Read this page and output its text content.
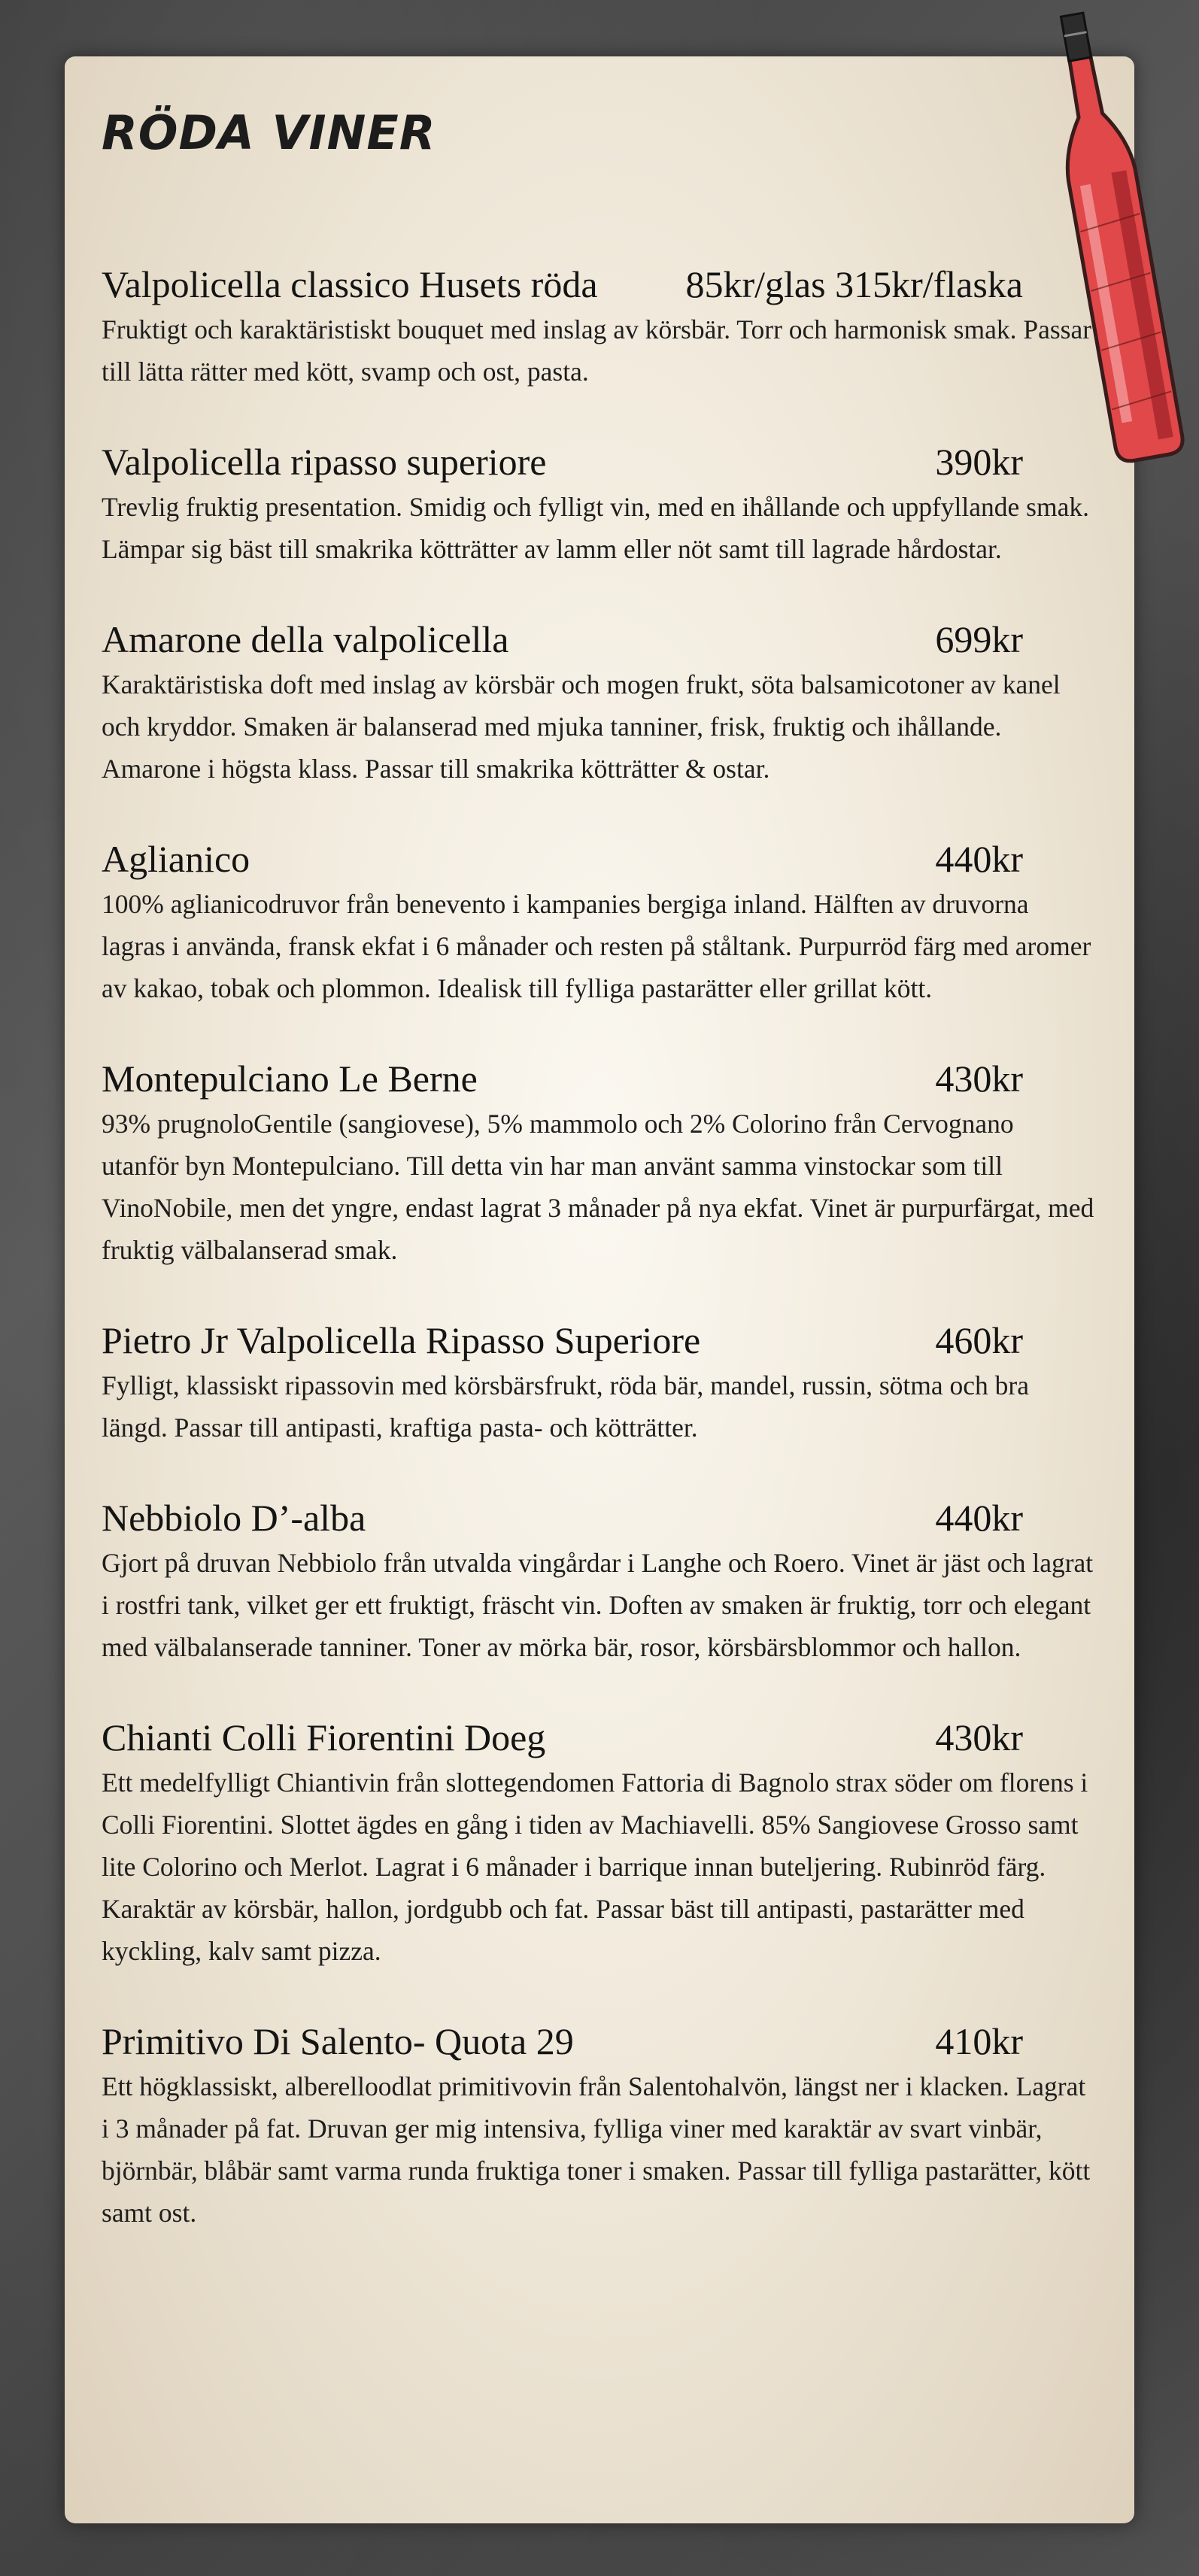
RÖDA VINER
Valpolicella classico Husets röda 85kr/glas 315kr/flaska

Fruktigt och karaktäristiskt bouquet med inslag av körsbär. Torr och harmonisk smak. Passar till lätta rätter med kött, svamp och ost, pasta.

Valpolicella ripasso superiore	390kr

Trevlig fruktig presentation. Smidig och fylligt vin, med en ihållande och uppfyllande smak. Lämpar sig bäst till smakrika kötträtter av lamm eller nöt samt till lagrade hårdostar.

Amarone della valpolicella	699kr

Karaktäristiska doft med inslag av körsbär och mogen frukt, söta balsamicotoner av kanel och kryddor. Smaken är balanserad med mjuka tanniner, frisk, fruktig och ihållande. Amarone i högsta klass. Passar till smakrika kötträtter & ostar.

Aglianico	440kr

100% aglianicodruvor från benevento i kampanies bergiga inland. Hälften av druvorna lagras i använda, fransk ekfat i 6 månader och resten på ståltank. Purpurröd färg med aromer av kakao, tobak och plommon. Idealisk till fylliga pastarätter eller grillat kött.

Montepulciano Le Berne	430kr

93% prugnoloGentile (sangiovese), 5% mammolo och 2% Colorino från Cervognano utanför byn Montepulciano. Till detta vin har man använt samma vinstockar som till VinoNobile, men det yngre, endast lagrat 3 månader på nya ekfat. Vinet är purpurfärgat, med fruktig välbalanserad smak.

Pietro Jr Valpolicella Ripasso Superiore	460kr

Fylligt, klassiskt ripassovin med körsbärsfrukt, röda bär, mandel, russin, sötma och bra längd. Passar till antipasti, kraftiga pasta- och kötträtter.

Nebbiolo D’-alba	440kr

Gjort på druvan Nebbiolo från utvalda vingårdar i Langhe och Roero. Vinet är jäst och lagrat i rostfri tank, vilket ger ett fruktigt, fräscht vin. Doften av smaken är fruktig, torr och elegant med välbalanserade tanniner. Toner av mörka bär, rosor, körsbärsblommor och hallon.

Chianti Colli Fiorentini Doeg	430kr

Ett medelfylligt Chiantivin från slottegendomen Fattoria di Bagnolo strax söder om florens i Colli Fiorentini. Slottet ägdes en gång i tiden av Machiavelli. 85% Sangiovese Grosso samt lite Colorino och Merlot. Lagrat i 6 månader i barrique innan buteljering. Rubinröd färg. Karaktär av körsbär, hallon, jordgubb och fat. Passar bäst till antipasti, pastarätter med kyckling, kalv samt pizza.

Primitivo Di Salento- Quota 29	410kr

Ett högklassiskt, alberelloodlat primitivovin från Salentohalvön, längst ner i klacken. Lagrat i 3 månader på fat. Druvan ger mig intensiva, fylliga viner med karaktär av svart vinbär, björnbär, blåbär samt varma runda fruktiga toner i smaken. Passar till fylliga pastarätter, kött samt ost.
